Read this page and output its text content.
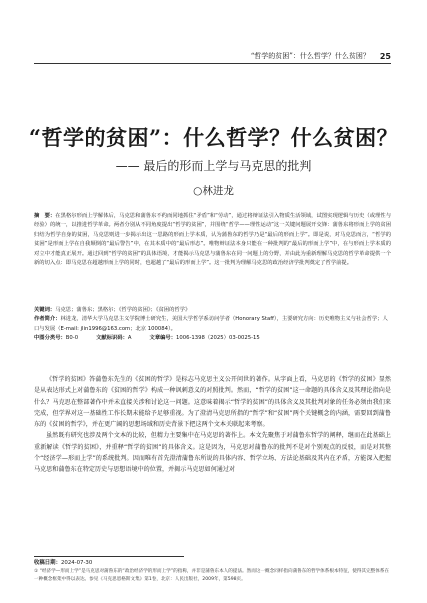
“哲学的贫困”：什么哲学？什么贫困？ 25
“哲学的贫困”：什么哲学？什么贫困？
—— 最后的形而上学与马克思的批判
○林进龙
摘　要：在黑格尔形而上学解体后，马克思和蒲鲁东不约而同地抓住“矛盾”和“劳动”，通过将辩证法引入物质生活领域，试图实现逻辑与历史（或理性与经验）的统一，以推进哲学革命。两者分别从不同角度提出“哲学的贫困”，并围绕“哲学——理性运动”这一关键问题展开交锋：蒲鲁东将形而上学的贫困归结为哲学自身的贫困，马克思则进一步揭示出这一思路的形而上学本质，认为蒲鲁东的哲学乃是“最后的形而上学”。即是说，对马克思而言，“哲学的贫困”是形而上学在自我颠倒的“最后警告”中，在其本质中的“最后形态”。唯物辩证法本身只能在一种批判的“最后的形而上学”中，在与形而上学本质的对立中才能真正展开。通过回到“哲学的贫困”的具体语境，才能揭示马克思与蒲鲁东在同一问题上的分野，并由此为重新理解马克思的哲学革命提供一个新的切入点：即马克思在超越形而上学的同时，也超越了“最后的形而上学”。这一批判为理解马克思的政治经济学批判奠定了哲学前提。
关键词：马克思；蒲鲁东；黑格尔；《哲学的贫困》；《贫困的哲学》
作者简介：林进龙，清华大学马克思主义学院博士研究生，美国大学哲学系访问学者（Honorary Staff），主要研究方向：历史唯物主义与社会哲学；人口与发展（E-mail: jlin1996@163.com；北京 100084）。
中图分类号：B0-0	文献标识码：A	文章编号：1006-1398（2025）03-0025-15

《哲学的贫困》答蒲鲁东先生的《贫困的哲学》是标志马克思主义公开问世的著作。从字面上看，马克思的《哲学的贫困》显然是从表达形式上对蒲鲁东的《贫困的哲学》构成一种讽刺意义的对照批判。然而，“哲学的贫困”这一命题的具体含义及其理论指向是什么？马克思在整部著作中并未直接关涉和讨论这一问题。这意味着揭示“哲学的贫困”的具体含义及其批判对象的任务必须由我们来完成，但学界对这一基础性工作长期未能给予足够重视。为了澄清马克思所指的“哲学”和“贫困”两个关键概念的内涵，需要回到蒲鲁东的《贫困的哲学》，并在更广阔的思想场域和历史背景下把这两个文本关联起来考察。

虽然既有研究也涉及两个文本的比较，但精力主要集中在马克思的著作上。本文先聚焦于对蒲鲁东哲学的阐释，继而在此基础上重新解读《哲学的贫困》，并重释“哲学的贫困”的具体含义。这是因为，马克思对蒲鲁东的批判不是对个别观点的反驳，而是对其整个“经济学—形而上学”的系统批判。因而唯有首先澄清蒲鲁东所说的具体内容、哲学立场、方法论基础及其内在矛盾，方能深入把握马克思和蒲鲁东在特定历史与思想语境中的位置，并揭示马克思如何通过对

收稿日期：2024-07-30
① “经济学—形而上学”是马克思对蒲鲁东的“政治经济学的形而上学”的指称，并非是蒲鲁东本人的提法。然而这一概念同样指向蒲鲁东的哲学体系根本特征，使得其完整体系在一种概念框架中得以表达。参见《马克思恩格斯文集》第1卷，北京：人民出版社，2009年，第598页。
